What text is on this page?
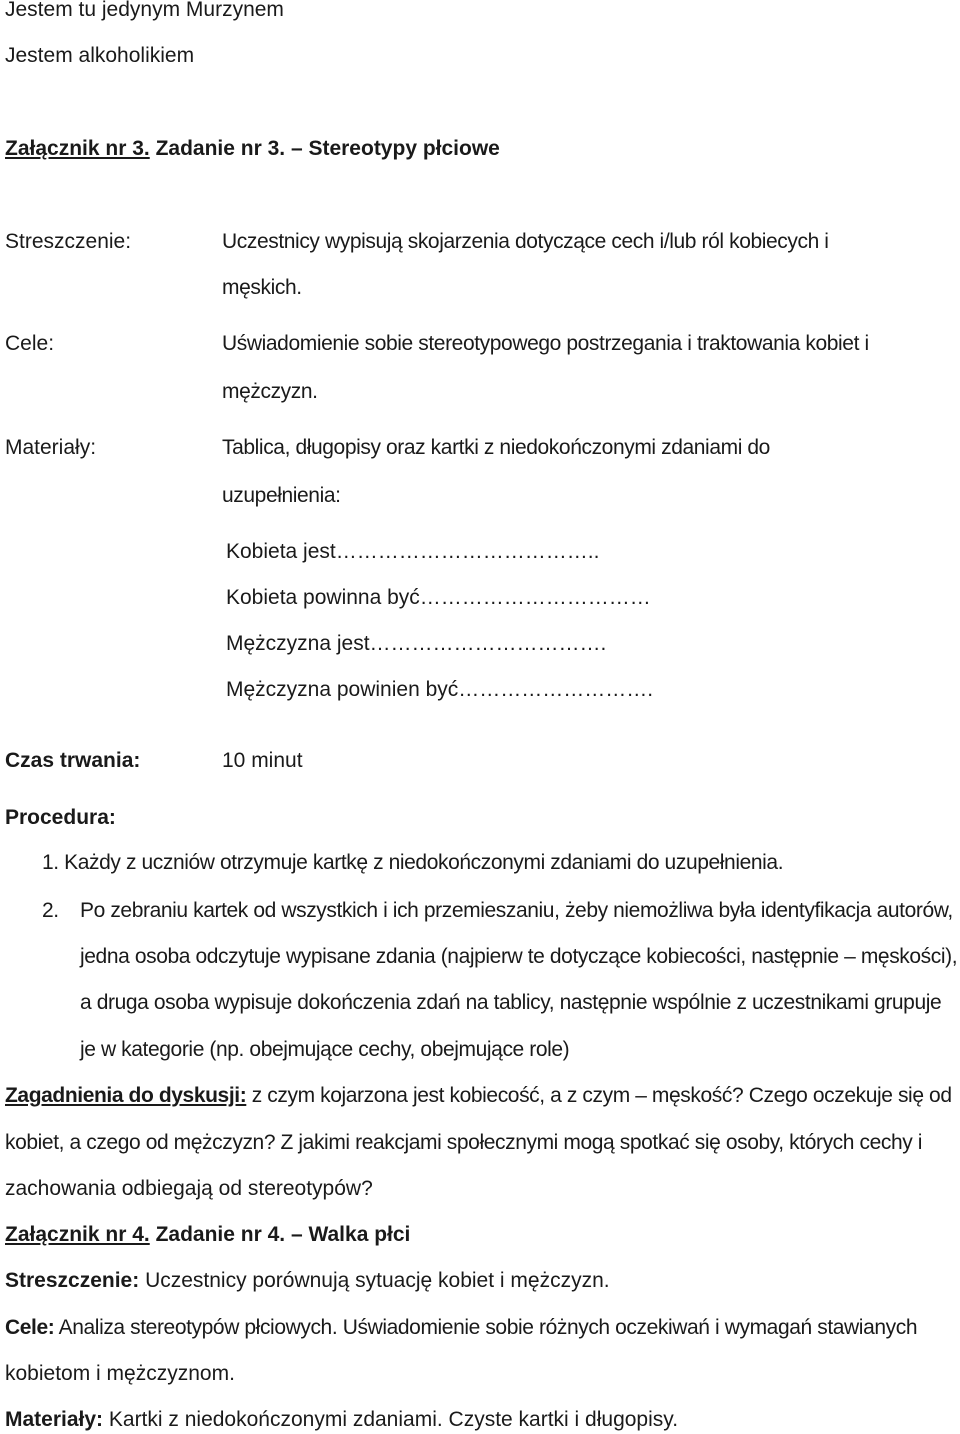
Jestem tu jedynym Murzynem
Jestem alkoholikiem
Załącznik nr 3. Zadanie nr 3. – Stereotypy płciowe
Streszczenie:	Uczestnicy wypisują skojarzenia dotyczące cech i/lub ról kobiecych i
męskich.
Cele:	Uświadomienie sobie stereotypowego postrzegania i traktowania kobiet i
mężczyzn.
Materiały:	Tablica, długopisy oraz kartki z niedokończonymi zdaniami do
uzupełnienia:
Kobieta jest………………………………..
Kobieta powinna być……………………………
Mężczyzna jest…………………………….
Mężczyzna powinien być……………………….
Czas trwania:	10 minut
Procedura:
1. Każdy z uczniów otrzymuje kartkę z niedokończonymi zdaniami do uzupełnienia.
2. Po zebraniu kartek od wszystkich i ich przemieszaniu, żeby niemożliwa była identyfikacja autorów,
jedna osoba odczytuje wypisane zdania (najpierw te dotyczące kobiecości, następnie – męskości),
a druga osoba wypisuje dokończenia zdań na tablicy, następnie wspólnie z uczestnikami grupuje
je w kategorie (np. obejmujące cechy, obejmujące role)
Zagadnienia do dyskusji: z czym kojarzona jest kobiecość, a z czym – męskość? Czego oczekuje się od
kobiet, a czego od mężczyzn? Z jakimi reakcjami społecznymi mogą spotkać się osoby, których cechy i
zachowania odbiegają od stereotypów?
Załącznik nr 4. Zadanie nr 4. – Walka płci
Streszczenie: Uczestnicy porównują sytuację kobiet i mężczyzn.
Cele: Analiza stereotypów płciowych. Uświadomienie sobie różnych oczekiwań i wymagań stawianych
kobietom i mężczyznom.
Materiały: Kartki z niedokończonymi zdaniami. Czyste kartki i długopisy.
